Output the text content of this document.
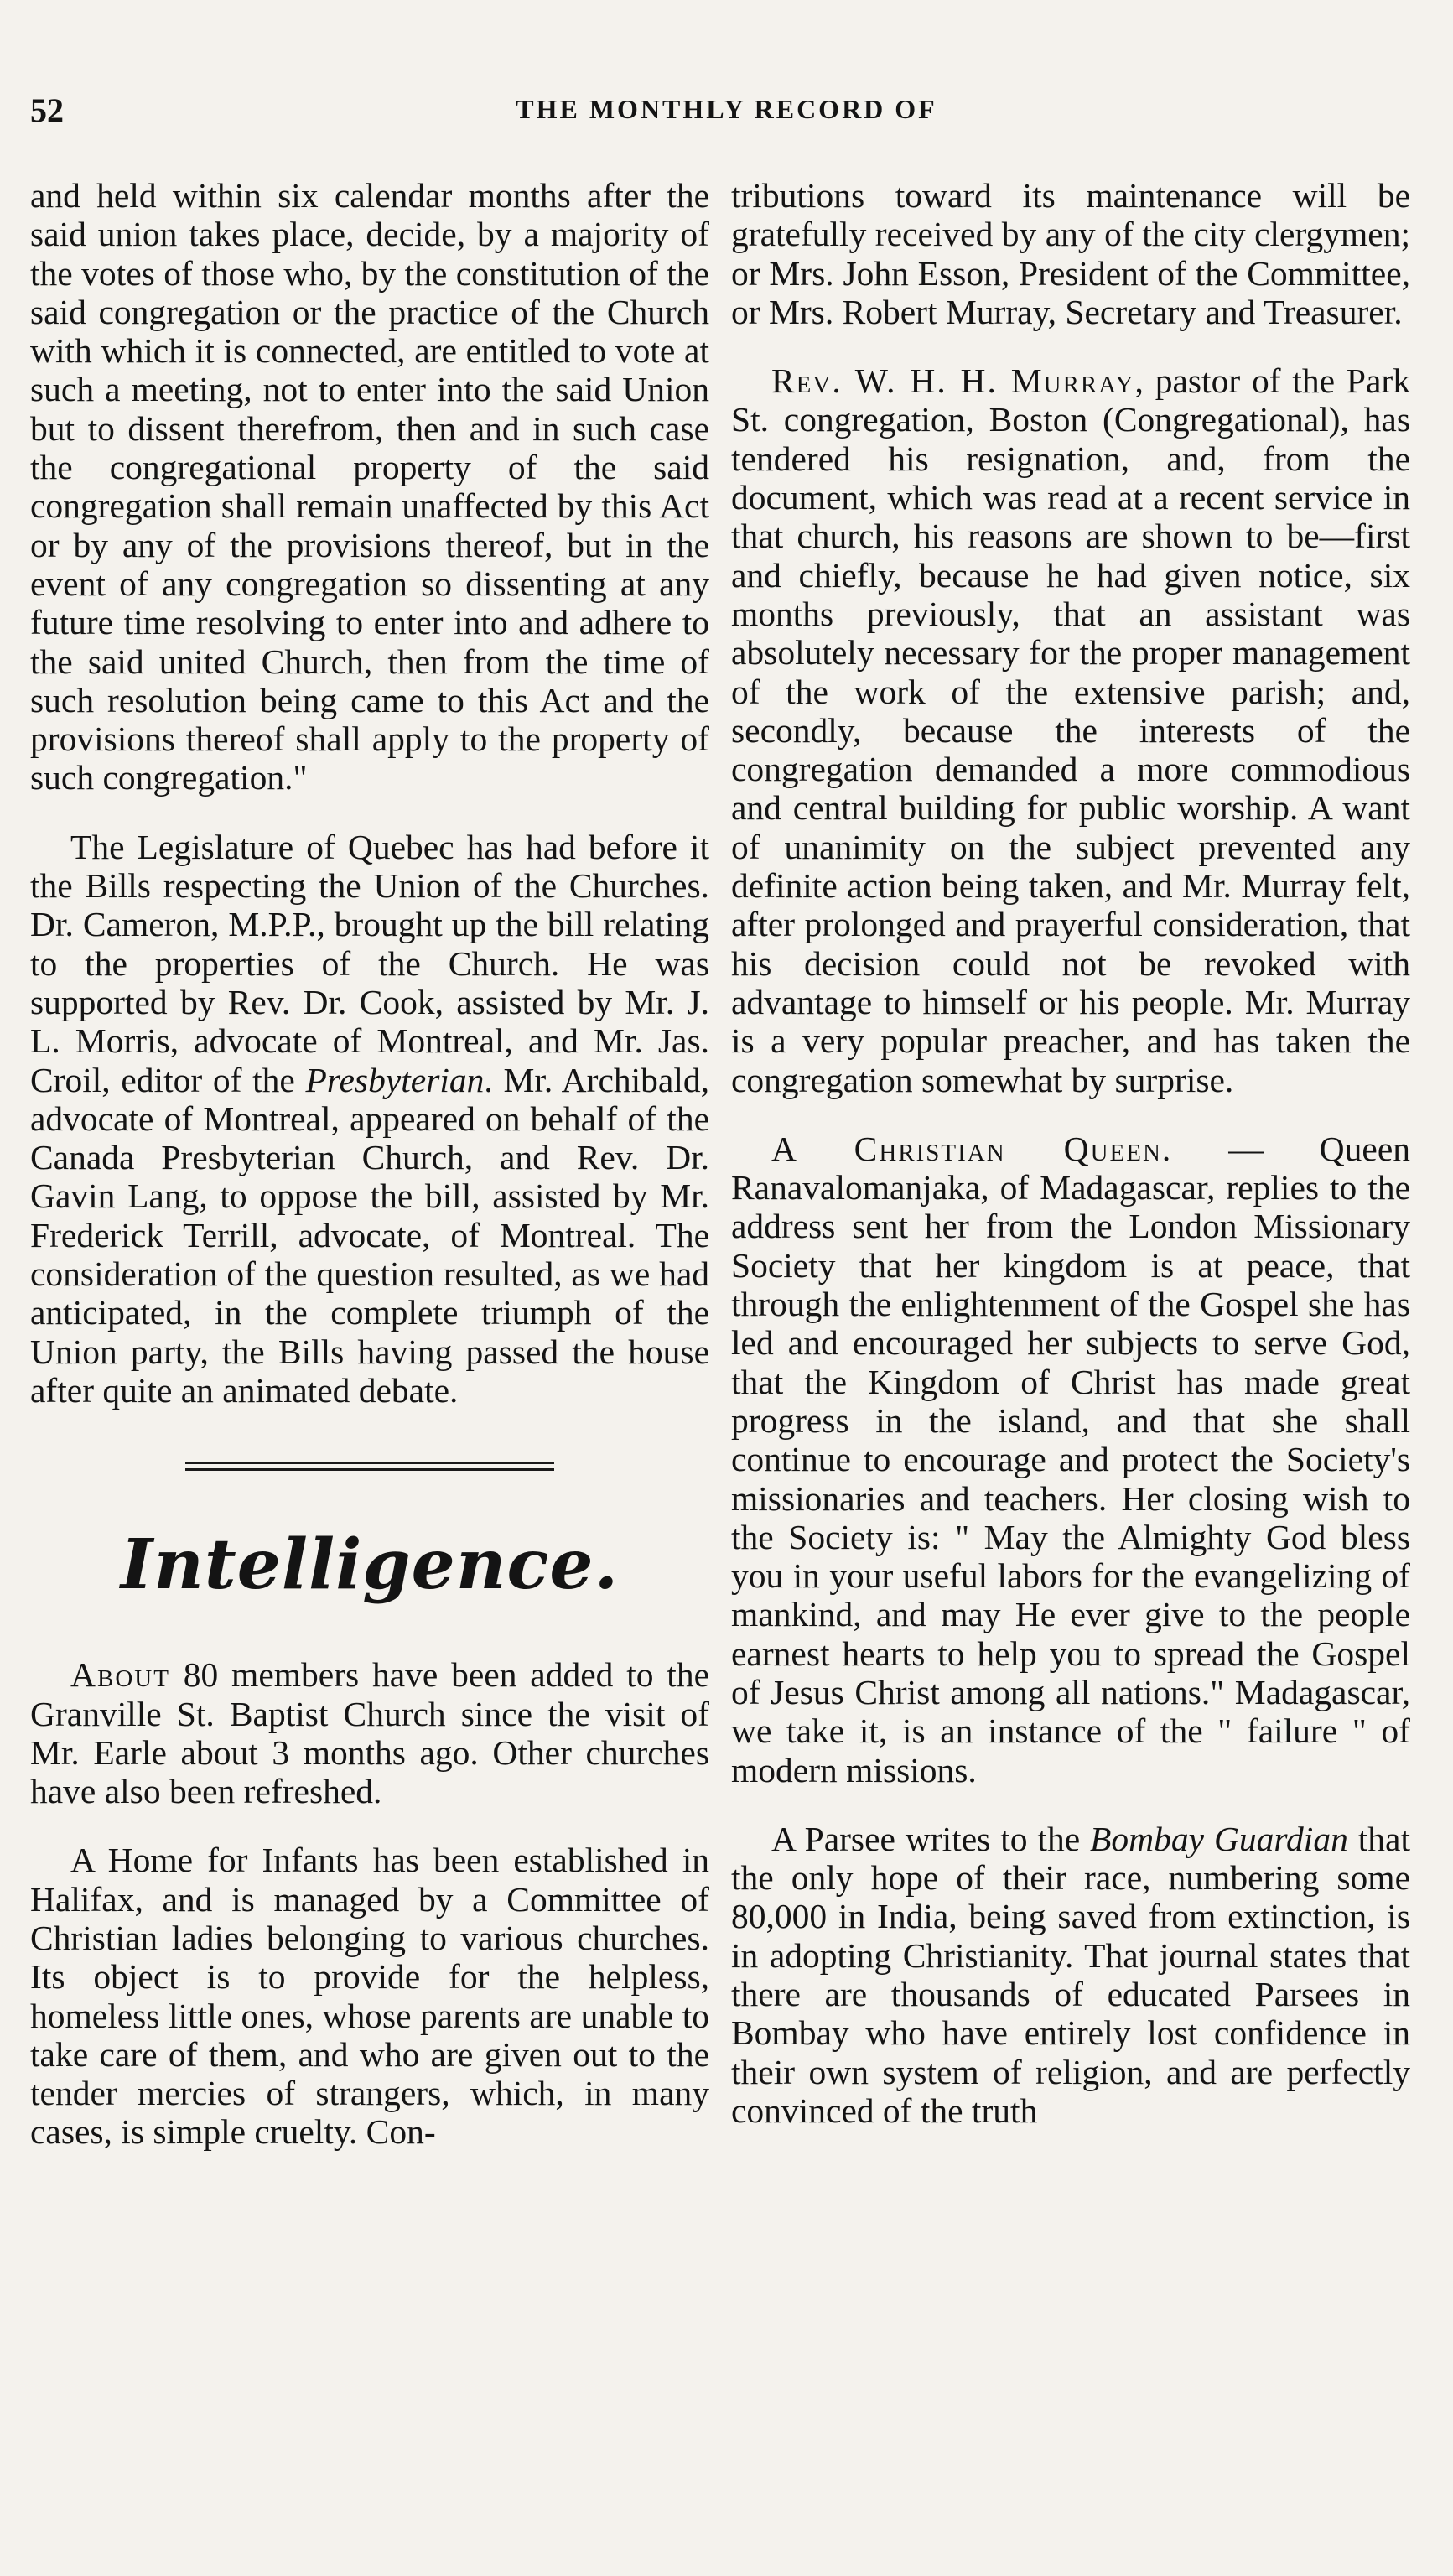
52	THE MONTHLY RECORD OF

and held within six calendar months after the said union takes place, decide, by a majority of the votes of those who, by the constitution of the said congregation or the practice of the Church with which it is connected, are entitled to vote at such a meeting, not to enter into the said Union but to dissent therefrom, then and in such case the congregational property of the said congregation shall remain unaffected by this Act or by any of the provisions thereof, but in the event of any congregation so dissenting at any future time resolving to enter into and adhere to the said united Church, then from the time of such resolution being came to this Act and the provisions thereof shall apply to the property of such congregation."

The Legislature of Quebec has had before it the Bills respecting the Union of the Churches. Dr. Cameron, M.P.P., brought up the bill relating to the properties of the Church. He was supported by Rev. Dr. Cook, assisted by Mr. J. L. Morris, advocate of Montreal, and Mr. Jas. Croil, editor of the Presbyterian. Mr. Archibald, advocate of Montreal, appeared on behalf of the Canada Presbyterian Church, and Rev. Dr. Gavin Lang, to oppose the bill, assisted by Mr. Frederick Terrill, advocate, of Montreal. The consideration of the question resulted, as we had anticipated, in the complete triumph of the Union party, the Bills having passed the house after quite an animated debate.

Intelligence.

About 80 members have been added to the Granville St. Baptist Church since the visit of Mr. Earle about 3 months ago. Other churches have also been refreshed.

A Home for Infants has been established in Halifax, and is managed by a Committee of Christian ladies belonging to various churches. Its object is to provide for the helpless, homeless little ones, whose parents are unable to take care of them, and who are given out to the tender mercies of strangers, which, in many cases, is simple cruelty. Con-

tributions toward its maintenance will be gratefully received by any of the city clergymen; or Mrs. John Esson, President of the Committee, or Mrs. Robert Murray, Secretary and Treasurer.

Rev. W. H. H. Murray, pastor of the Park St. congregation, Boston (Congregational), has tendered his resignation, and, from the document, which was read at a recent service in that church, his reasons are shown to be—first and chiefly, because he had given notice, six months previously, that an assistant was absolutely necessary for the proper management of the work of the extensive parish; and, secondly, because the interests of the congregation demanded a more commodious and central building for public worship. A want of unanimity on the subject prevented any definite action being taken, and Mr. Murray felt, after prolonged and prayerful consideration, that his decision could not be revoked with advantage to himself or his people. Mr. Murray is a very popular preacher, and has taken the congregation somewhat by surprise.

A Christian Queen. — Queen Ranavalomanjaka, of Madagascar, replies to the address sent her from the London Missionary Society that her kingdom is at peace, that through the enlightenment of the Gospel she has led and encouraged her subjects to serve God, that the Kingdom of Christ has made great progress in the island, and that she shall continue to encourage and protect the Society's missionaries and teachers. Her closing wish to the Society is: " May the Almighty God bless you in your useful labors for the evangelizing of mankind, and may He ever give to the people earnest hearts to help you to spread the Gospel of Jesus Christ among all nations." Madagascar, we take it, is an instance of the " failure " of modern missions.

A Parsee writes to the Bombay Guardian that the only hope of their race, numbering some 80,000 in India, being saved from extinction, is in adopting Christianity. That journal states that there are thousands of educated Parsees in Bombay who have entirely lost confidence in their own system of religion, and are perfectly convinced of the truth
